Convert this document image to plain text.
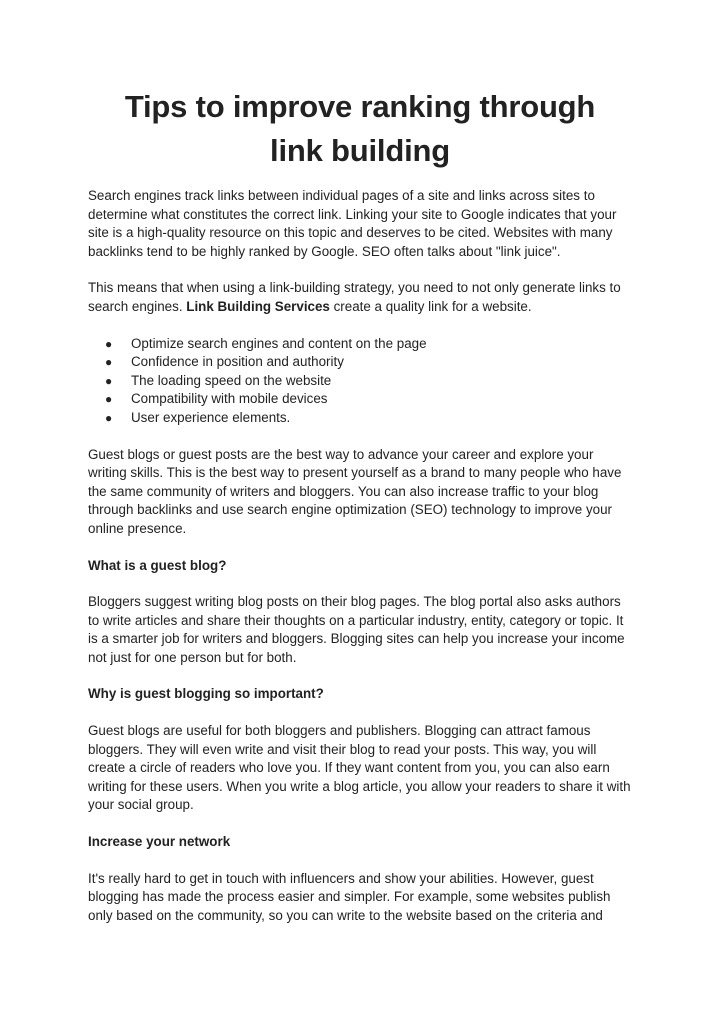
Tips to improve ranking through
link building

Search engines track links between individual pages of a site and links across sites to determine what constitutes the correct link. Linking your site to Google indicates that your site is a high-quality resource on this topic and deserves to be cited. Websites with many backlinks tend to be highly ranked by Google. SEO often talks about "link juice".

This means that when using a link-building strategy, you need to not only generate links to search engines. Link Building Services create a quality link for a website.

● Optimize search engines and content on the page
● Confidence in position and authority
● The loading speed on the website
● Compatibility with mobile devices
● User experience elements.

Guest blogs or guest posts are the best way to advance your career and explore your writing skills. This is the best way to present yourself as a brand to many people who have the same community of writers and bloggers. You can also increase traffic to your blog through backlinks and use search engine optimization (SEO) technology to improve your online presence.

What is a guest blog?

Bloggers suggest writing blog posts on their blog pages. The blog portal also asks authors to write articles and share their thoughts on a particular industry, entity, category or topic. It is a smarter job for writers and bloggers. Blogging sites can help you increase your income not just for one person but for both.

Why is guest blogging so important?

Guest blogs are useful for both bloggers and publishers. Blogging can attract famous bloggers. They will even write and visit their blog to read your posts. This way, you will create a circle of readers who love you. If they want content from you, you can also earn writing for these users. When you write a blog article, you allow your readers to share it with your social group.

Increase your network

It's really hard to get in touch with influencers and show your abilities. However, guest blogging has made the process easier and simpler. For example, some websites publish only based on the community, so you can write to the website based on the criteria and
